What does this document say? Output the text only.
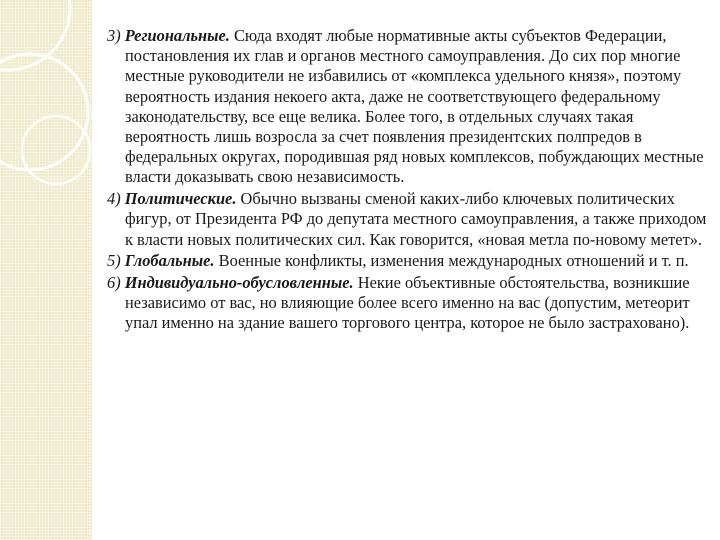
3) Региональные. Сюда входят любые нормативные акты субъектов Федерации, постановления их глав и органов местного самоуправления. До сих пор многие местные руководители не избавились от «комплекса удельного князя», поэтому вероятность издания некоего акта, даже не соответствующего федеральному законодательству, все еще велика. Более того, в отдельных случаях такая вероятность лишь возросла за счет появления президентских полпредов в федеральных округах, породившая ряд новых комплексов, побуждающих местные власти доказывать свою независимость.

4) Политические. Обычно вызваны сменой каких-либо ключевых политических фигур, от Президента РФ до депутата местного самоуправления, а также приходом к власти новых политических сил. Как говорится, «новая метла по-новому метет».

5) Глобальные. Военные конфликты, изменения международных отношений и т. п.

6) Индивидуально-обусловленные. Некие объективные обстоятельства, возникшие независимо от вас, но влияющие более всего именно на вас (допустим, метеорит упал именно на здание вашего торгового центра, которое не было застраховано).
